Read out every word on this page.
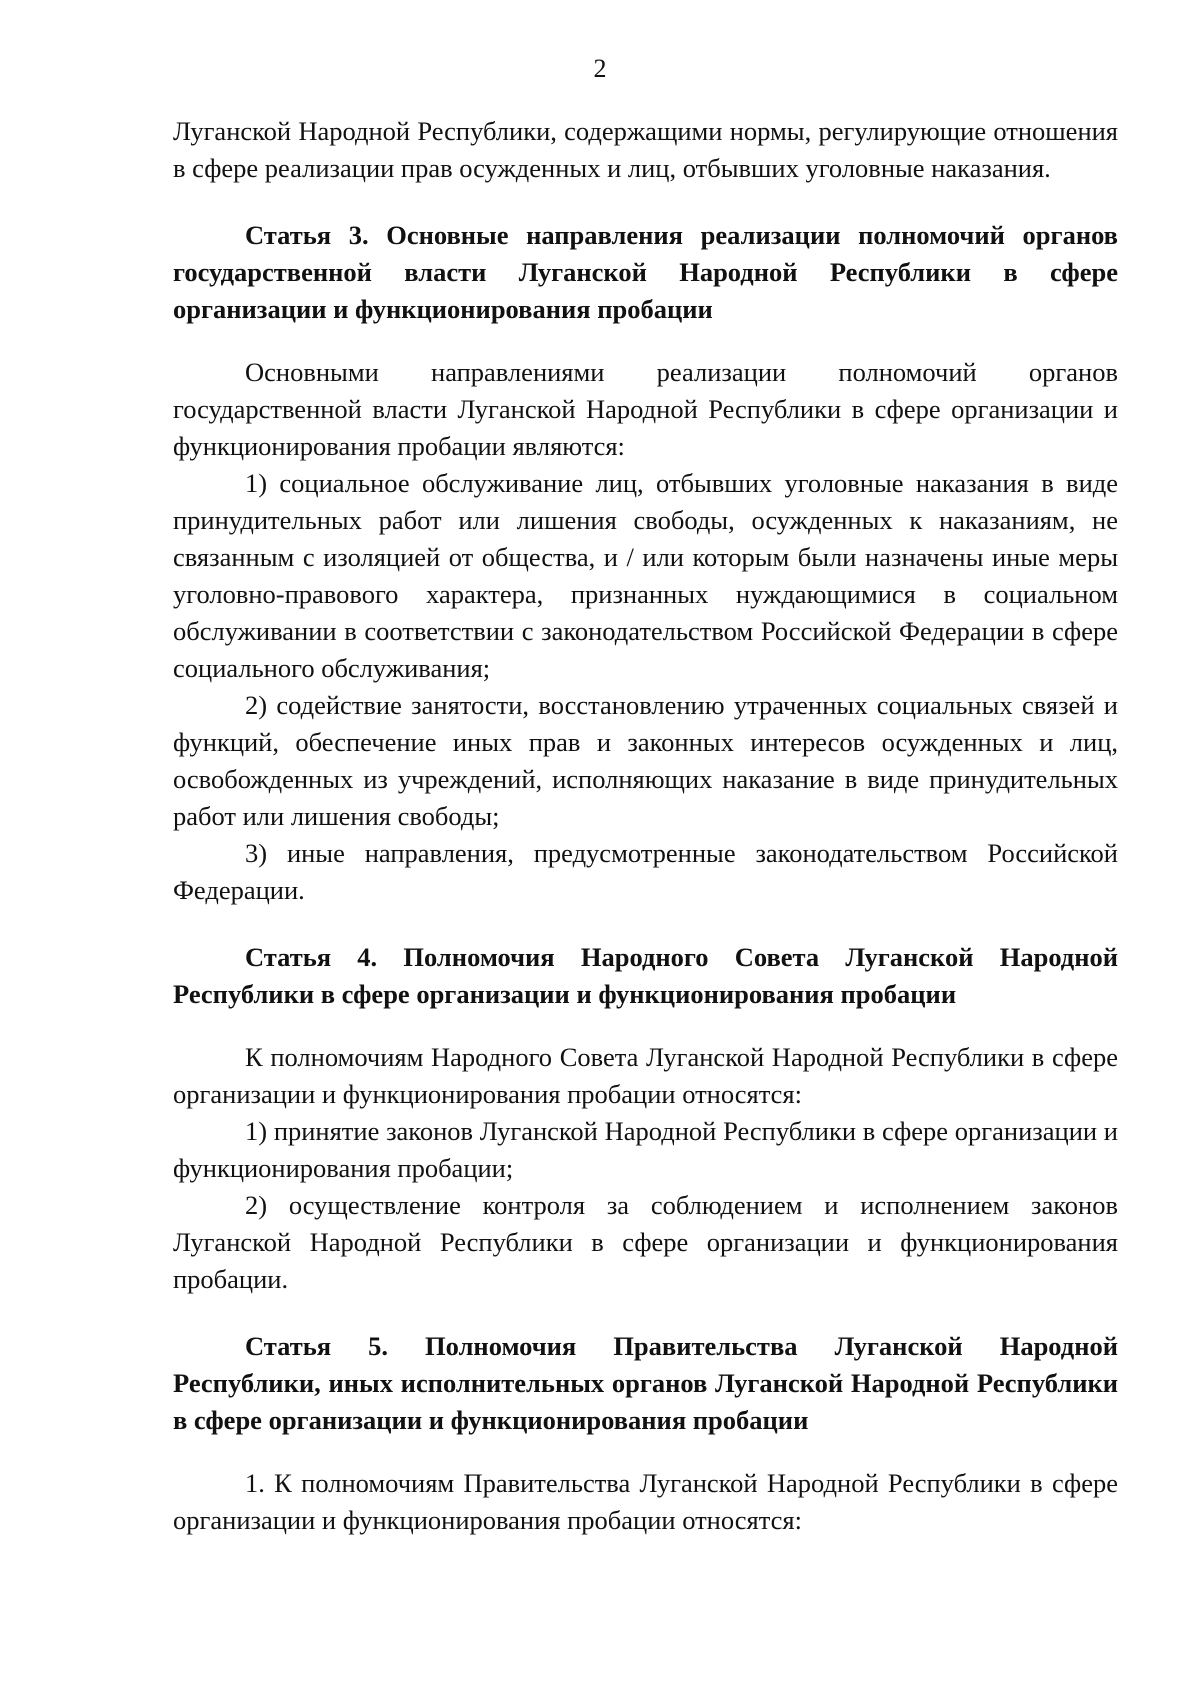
2

Луганской Народной Республики, содержащими нормы, регулирующие отношения в сфере реализации прав осужденных и лиц, отбывших уголовные наказания.

Статья 3. Основные направления реализации полномочий органов государственной власти Луганской Народной Республики в сфере организации и функционирования пробации

Основными направлениями реализации полномочий органов государственной власти Луганской Народной Республики в сфере организации и функционирования пробации являются:

1) социальное обслуживание лиц, отбывших уголовные наказания в виде принудительных работ или лишения свободы, осужденных к наказаниям, не связанным с изоляцией от общества, и / или которым были назначены иные меры уголовно-правового характера, признанных нуждающимися в социальном обслуживании в соответствии с законодательством Российской Федерации в сфере социального обслуживания;

2) содействие занятости, восстановлению утраченных социальных связей и функций, обеспечение иных прав и законных интересов осужденных и лиц, освобожденных из учреждений, исполняющих наказание в виде принудительных работ или лишения свободы;

3) иные направления, предусмотренные законодательством Российской Федерации.

Статья 4. Полномочия Народного Совета Луганской Народной Республики в сфере организации и функционирования пробации

К полномочиям Народного Совета Луганской Народной Республики в сфере организации и функционирования пробации относятся:

1) принятие законов Луганской Народной Республики в сфере организации и функционирования пробации;

2) осуществление контроля за соблюдением и исполнением законов Луганской Народной Республики в сфере организации и функционирования пробации.

Статья 5. Полномочия Правительства Луганской Народной Республики, иных исполнительных органов Луганской Народной Республики в сфере организации и функционирования пробации

1. К полномочиям Правительства Луганской Народной Республики в сфере организации и функционирования пробации относятся:
